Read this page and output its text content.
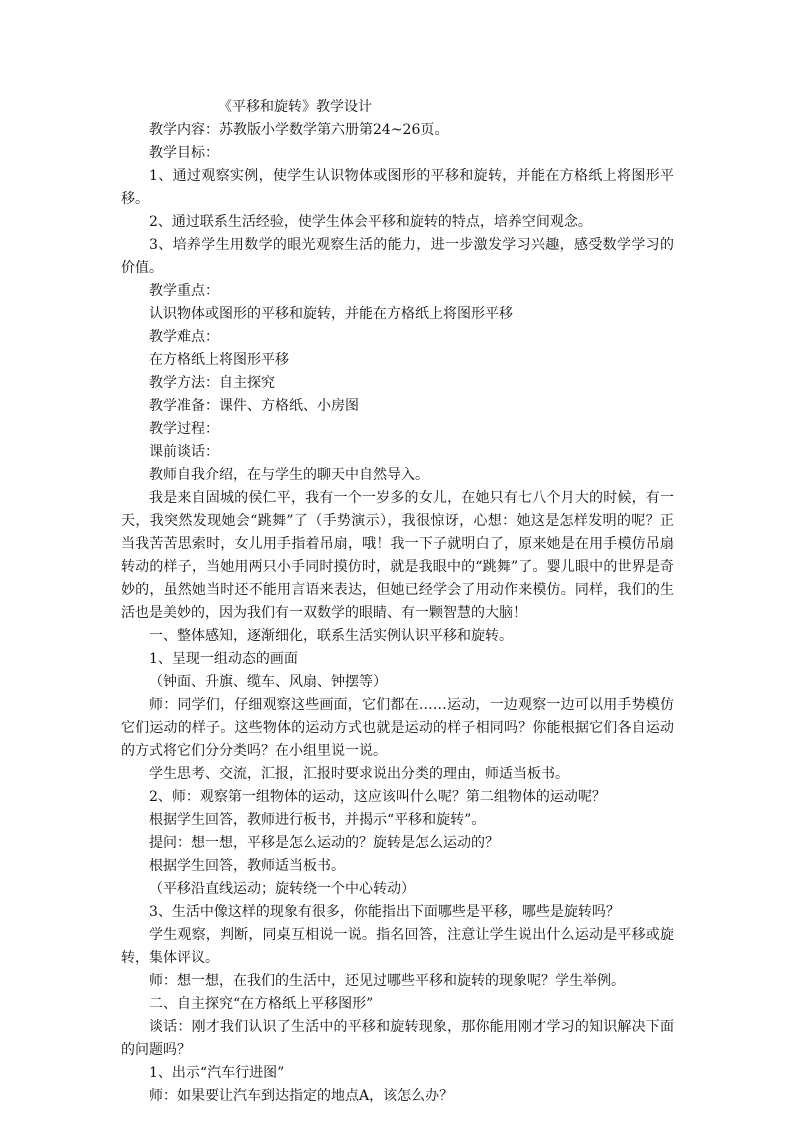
《平移和旋转》教学设计

教学内容：苏教版小学数学第六册第24~26页。

教学目标：

1、通过观察实例，使学生认识物体或图形的平移和旋转，并能在方格纸上将图形平移。

2、通过联系生活经验，使学生体会平移和旋转的特点，培养空间观念。

3、培养学生用数学的眼光观察生活的能力，进一步激发学习兴趣，感受数学学习的价值。

教学重点：

认识物体或图形的平移和旋转，并能在方格纸上将图形平移

教学难点：

在方格纸上将图形平移

教学方法：自主探究

教学准备：课件、方格纸、小房图

教学过程：

课前谈话：

教师自我介绍，在与学生的聊天中自然导入。

我是来自固城的侯仁平，我有一个一岁多的女儿，在她只有七八个月大的时候，有一天，我突然发现她会“跳舞”了（手势演示），我很惊讶，心想：她这是怎样发明的呢？正当我苦苦思索时，女儿用手指着吊扇，哦！我一下子就明白了，原来她是在用手模仿吊扇转动的样子，当她用两只小手同时摸仿时，就是我眼中的“跳舞”了。婴儿眼中的世界是奇妙的，虽然她当时还不能用言语来表达，但她已经学会了用动作来模仿。同样，我们的生活也是美妙的，因为我们有一双数学的眼睛、有一颗智慧的大脑！

一、整体感知，逐渐细化，联系生活实例认识平移和旋转。

1、呈现一组动态的画面

（钟面、升旗、缆车、风扇、钟摆等）

师：同学们，仔细观察这些画面，它们都在……运动，一边观察一边可以用手势模仿它们运动的样子。这些物体的运动方式也就是运动的样子相同吗？你能根据它们各自运动的方式将它们分分类吗？在小组里说一说。

学生思考、交流，汇报，汇报时要求说出分类的理由，师适当板书。

2、师：观察第一组物体的运动，这应该叫什么呢？第二组物体的运动呢？

根据学生回答，教师进行板书，并揭示“平移和旋转”。

提问：想一想，平移是怎么运动的？旋转是怎么运动的？

根据学生回答，教师适当板书。

（平移沿直线运动；旋转绕一个中心转动）

3、生活中像这样的现象有很多，你能指出下面哪些是平移，哪些是旋转吗？

学生观察，判断，同桌互相说一说。指名回答，注意让学生说出什么运动是平移或旋转，集体评议。

师：想一想，在我们的生活中，还见过哪些平移和旋转的现象呢？学生举例。

二、自主探究“在方格纸上平移图形”

谈话：刚才我们认识了生活中的平移和旋转现象，那你能用刚才学习的知识解决下面的问题吗？

1、出示“汽车行进图”

师：如果要让汽车到达指定的地点A，该怎么办？
